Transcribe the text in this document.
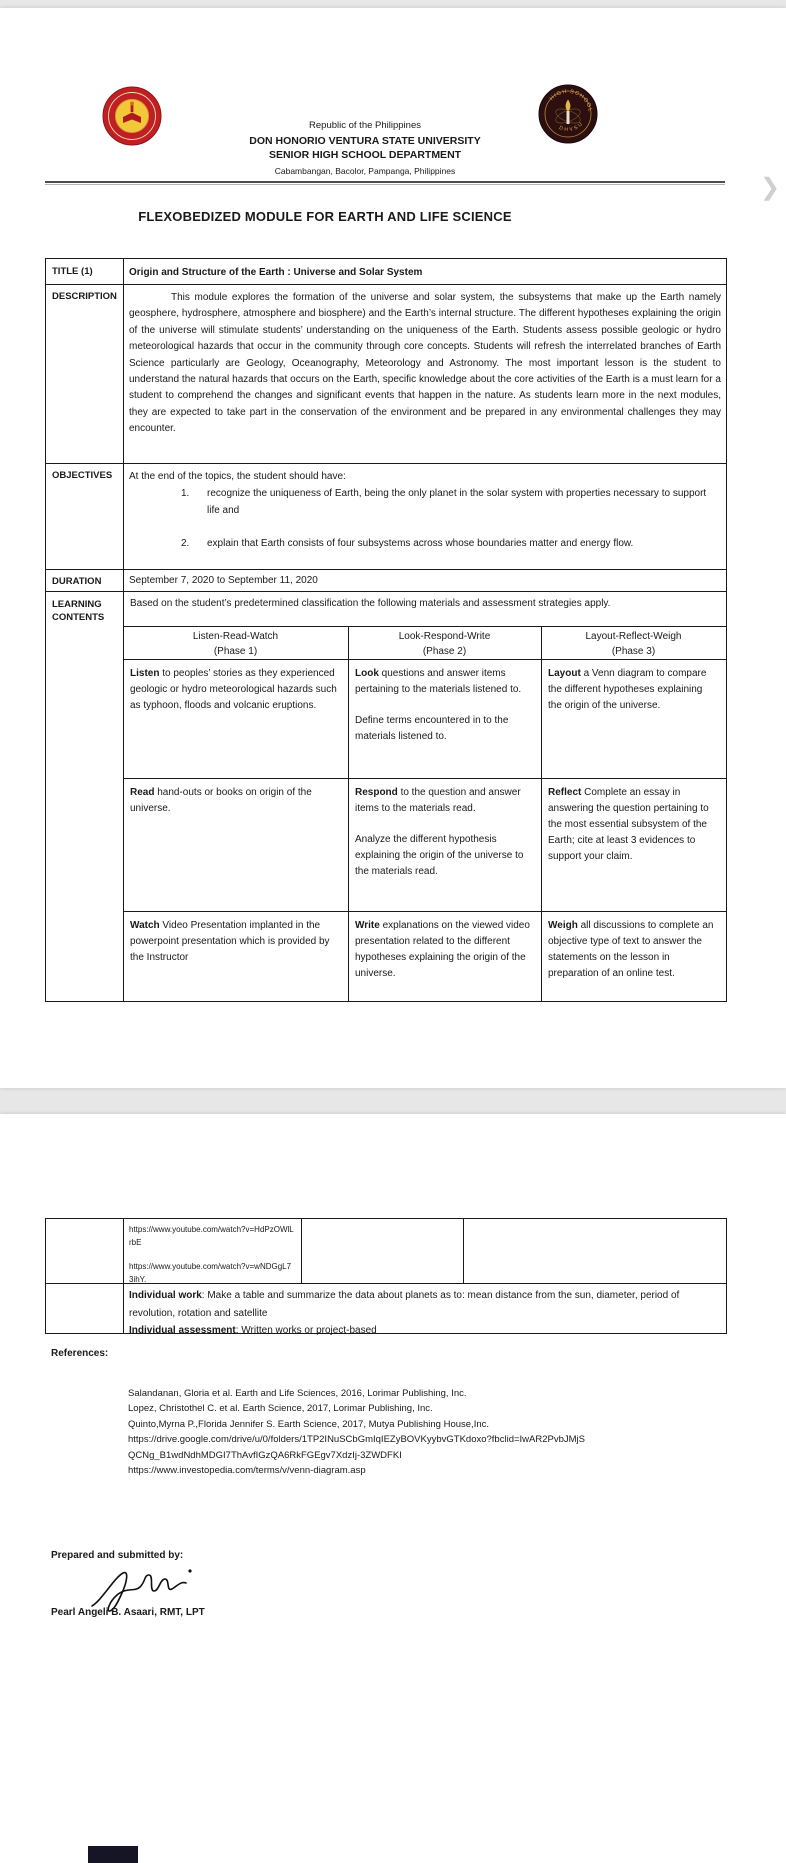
HIGH SCHOOL
DHVSU
Republic of the Philippines
DON HONORIO VENTURA STATE UNIVERSITY
SENIOR HIGH SCHOOL DEPARTMENT
Cabambangan, Bacolor, Pampanga, Philippines
FLEXOBEDIZED MODULE FOR EARTH AND LIFE SCIENCE
❯
TITLE (1)
DESCRIPTION
OBJECTIVES
DURATION
LEARNING
CONTENTS
Origin and Structure of the Earth : Universe and Solar System
This module explores the formation of the universe and solar system, the subsystems that make up the Earth namely geosphere, hydrosphere, atmosphere and biosphere) and the Earth’s internal structure. The different hypotheses explaining the origin of the universe will stimulate students’ understanding on the uniqueness of the Earth. Students assess possible geologic or hydro meteorological hazards that occur in the community through core concepts. Students will refresh the interrelated branches of Earth Science particularly are Geology, Oceanography, Meteorology and Astronomy. The most important lesson is the student to understand the natural hazards that occurs on the Earth, specific knowledge about the core activities of the Earth is a must learn for a student to comprehend the changes and significant events that happen in the nature. As students learn more in the next modules, they are expected to take part in the conservation of the environment and be prepared in any environmental challenges they may encounter.
At the end of the topics, the student should have:
1.	recognize the uniqueness of Earth, being the only planet in the solar system with properties necessary to support life and
2.	explain that Earth consists of four subsystems across whose boundaries matter and energy flow.
September 7, 2020 to September 11, 2020
Based on the student’s predetermined classification the following materials and assessment strategies apply.
Listen-Read-Watch
(Phase 1)
Look-Respond-Write
(Phase 2)
Layout-Reflect-Weigh
(Phase 3)
Listen to peoples’ stories as they experienced geologic or hydro meteorological hazards such as typhoon, floods and volcanic eruptions.
Look questions and answer items pertaining to the materials listened to.
Define terms encountered in to the materials listened to.
Layout a Venn diagram to compare the different hypotheses explaining the origin of the universe.
Read hand-outs or books on origin of the universe.
Respond to the question and answer items to the materials read.
Analyze the different hypothesis explaining the origin of the universe to the materials read.
Reflect Complete an essay in answering the question pertaining to the most essential subsystem of the Earth; cite at least 3 evidences to support your claim.
Watch Video Presentation implanted in the powerpoint presentation which is provided by the Instructor
Write explanations on the viewed video presentation related to the different hypotheses explaining the origin of the universe.
Weigh all discussions to complete an objective type of text to answer the statements on the lesson in preparation of an online test.
https://www.youtube.com/watch?v=HdPzOWlLrbE
https://www.youtube.com/watch?v=wNDGgL73ihY.
Individual work: Make a table and summarize the data about planets as to: mean distance from the sun, diameter, period of revolution, rotation and satellite
Individual assessment: Written works or project-based
References:
Salandanan, Gloria et al. Earth and Life Sciences, 2016, Lorimar Publishing, Inc.
Lopez, Christothel C. et al. Earth Science, 2017, Lorimar Publishing, Inc.
Quinto,Myrna P.,Florida Jennifer S. Earth Science, 2017, Mutya Publishing House,Inc.
https://drive.google.com/drive/u/0/folders/1TP2INuSCbGmIqIEZyBOVKyybvGTKdoxo?fbclid=IwAR2PvbJMjSQCNg_B1wdNdhMDGI7ThAvfIGzQA6RkFGEgv7XdzIj-3ZWDFKI
https://www.investopedia.com/terms/v/venn-diagram.asp
Prepared and submitted by:
Pearl Angeli B. Asaari, RMT, LPT
